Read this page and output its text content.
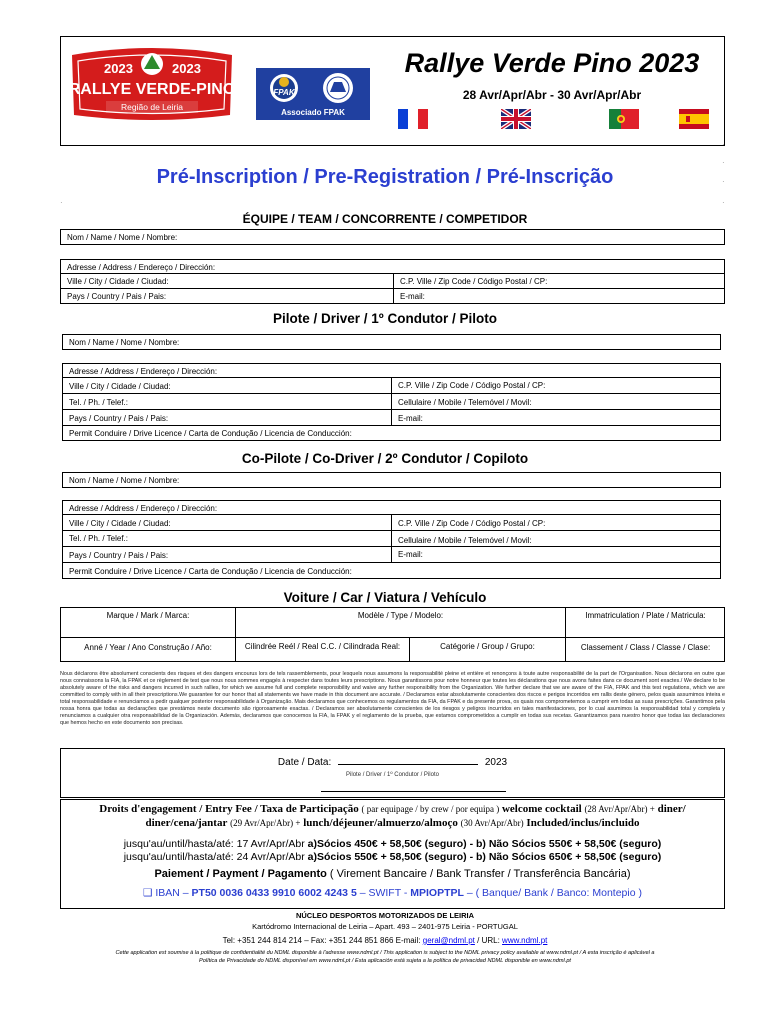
2023	2023
RALLYE VERDE-PINO
Região de Leiria
FPAK
Associado FPAK
Rallye Verde Pino 2023
28 Avr/Apr/Abr - 30 Avr/Apr/Abr
·
·
·
·
·
Pré-Inscription / Pre-Registration / Pré-Inscrição
ÉQUIPE / TEAM / CONCORRENTE / COMPETIDOR
Nom / Name / Nome / Nombre:
Adresse / Address / Endereço / Dirección:
Ville / City / Cidade / Ciudad:	C.P. Ville / Zip Code / Código Postal / CP:
Pays / Country / Pais / Pais:	E-mail:
Pilote / Driver / 1º Condutor / Piloto
Nom / Name / Nome / Nombre:
Adresse / Address / Endereço / Dirección:
Ville / City / Cidade / Ciudad:	C.P. Ville / Zip Code / Código Postal / CP:
Tel. / Ph. / Telef.:	Cellulaire / Mobile / Telemóvel / Movil:
Pays / Country / Pais / Pais:	E-mail:
Permit Conduire / Drive Licence / Carta de Condução / Licencia de Conducción:
Co-Pilote / Co-Driver / 2º Condutor / Copiloto
Nom / Name / Nome / Nombre:
Adresse / Address / Endereço / Dirección:
Ville / City / Cidade / Ciudad:	C.P. Ville / Zip Code / Código Postal / CP:
Tel. / Ph. / Telef.:	Cellulaire / Mobile / Telemóvel / Movil:
Pays / Country / Pais / Pais:	E-mail:
Permit Conduire / Drive Licence / Carta de Condução / Licencia de Conducción:
Voiture / Car / Viatura / Vehículo
Marque / Mark / Marca:	Modèle / Type / Modelo:	Immatriculation / Plate / Matricula:
Anné / Year / Ano Construção / Año:	Cilindrée Reél / Real C.C. / Cilindrada Real:	Catégorie / Group / Grupo:	Classement / Class / Classe / Clase:
Nous déclarons être absolument conscients des risques et des dangers encourus lors de tels rassemblements, pour lesquels nous assumons la responsabilité pleine et entière et renonçons à toute autre responsabilité de la part de l'Organisation. Nous déclarons en outre que nous connaissons la FIA, la FPAK et ce règlement de test que nous nous sommes engagés à respecter dans toutes leurs prescriptions. Nous garantissons pour notre honneur que toutes les déclarations que nous avons faites dans ce document sont exactes./ We declare to be absolutely aware of the risks and dangers incurred in such rallies, for which we assume full and complete responsibility and waive any further responsibility from the Organization. We further declare that we are aware of the FIA, FPAK and this test regulations, which we are committed to comply with in all their prescriptions.We guarantee for our honor that all statements we have made in this document are accurate. / Declaramos estar absolutamente conscientes dos riscos e perigos incorridos em rallis deste género, pelos quais assumimos inteira e total responsabilidade e renunciamos a pedir qualquer posterior responsabilidade à Organização. Mais declaramos que conhecemos os regulamentos da FIA, da FPAK e da presente prova, os quais nos comprometemos a cumprir em todas as suas prescrições. Garantimos pela nossa honra que todas as declarações que prestámos neste documento são rigorosamente exactas. / Declaramos ser absolutamente conscientes de los riesgos y peligros incurridos en tales manifestaciones, por lo cual asumimos la responsabilidad total y completa y renunciamos a cualquier otra responsabilidad de la Organización. Además, declaramos que conocemos la FIA, la FPAK y el reglamento de la prueba, que estamos comprometidos a cumplir en todas sus recetas. Garantizamos para nuestro honor que todas las declaraciones que hemos hecho en este documento son precisas.
Date / Data:	2023
Pilote / Driver / 1º Condutor / Piloto
Droits d'engagement / Entry Fee / Taxa de Participação ( par equipage / by crew / por equipa ) welcome cocktail (28 Avr/Apr/Abr) + diner/
diner/cena/jantar (29 Avr/Apr/Abr) + lunch/déjeuner/almuerzo/almoço (30 Avr/Apr/Abr) Included/inclus/incluido
jusqu'au/until/hasta/até: 17 Avr/Apr/Abr a)Sócios 450€ + 58,50€ (seguro) - b) Não Sócios 550€ + 58,50€ (seguro)
jusqu'au/until/hasta/até: 24 Avr/Apr/Abr a)Sócios 550€ + 58,50€ (seguro) - b) Não Sócios 650€ + 58,50€ (seguro)
Paiement / Payment / Pagamento ( Virement Bancaire / Bank Transfer / Transferência Bancária)
❑ IBAN – PT50 0036 0433 9910 6002 4243 5 – SWIFT - MPIOPTPL – ( Banque/ Bank / Banco: Montepio )
NÚCLEO DESPORTOS MOTORIZADOS DE LEIRIA
Kartódromo Internacional de Leiria – Apart. 493 – 2401-975 Leiria - PORTUGAL
Tel: +351 244 814 214 – Fax: +351 244 851 866 E-mail: geral@ndml.pt / URL: www.ndml.pt
Cette application est soumise à la politique de confidentialité du NDML disponible à l'adresse www.ndml.pt / This application is subject to the NDML privacy policy available at www.ndml.pt / A esta inscrição é aplicável a
Política de Privacidade do NDML disponível em www.ndml.pt / Esta aplicación está sujeta a la política de privacidad NDML disponible en www.ndml.pt
